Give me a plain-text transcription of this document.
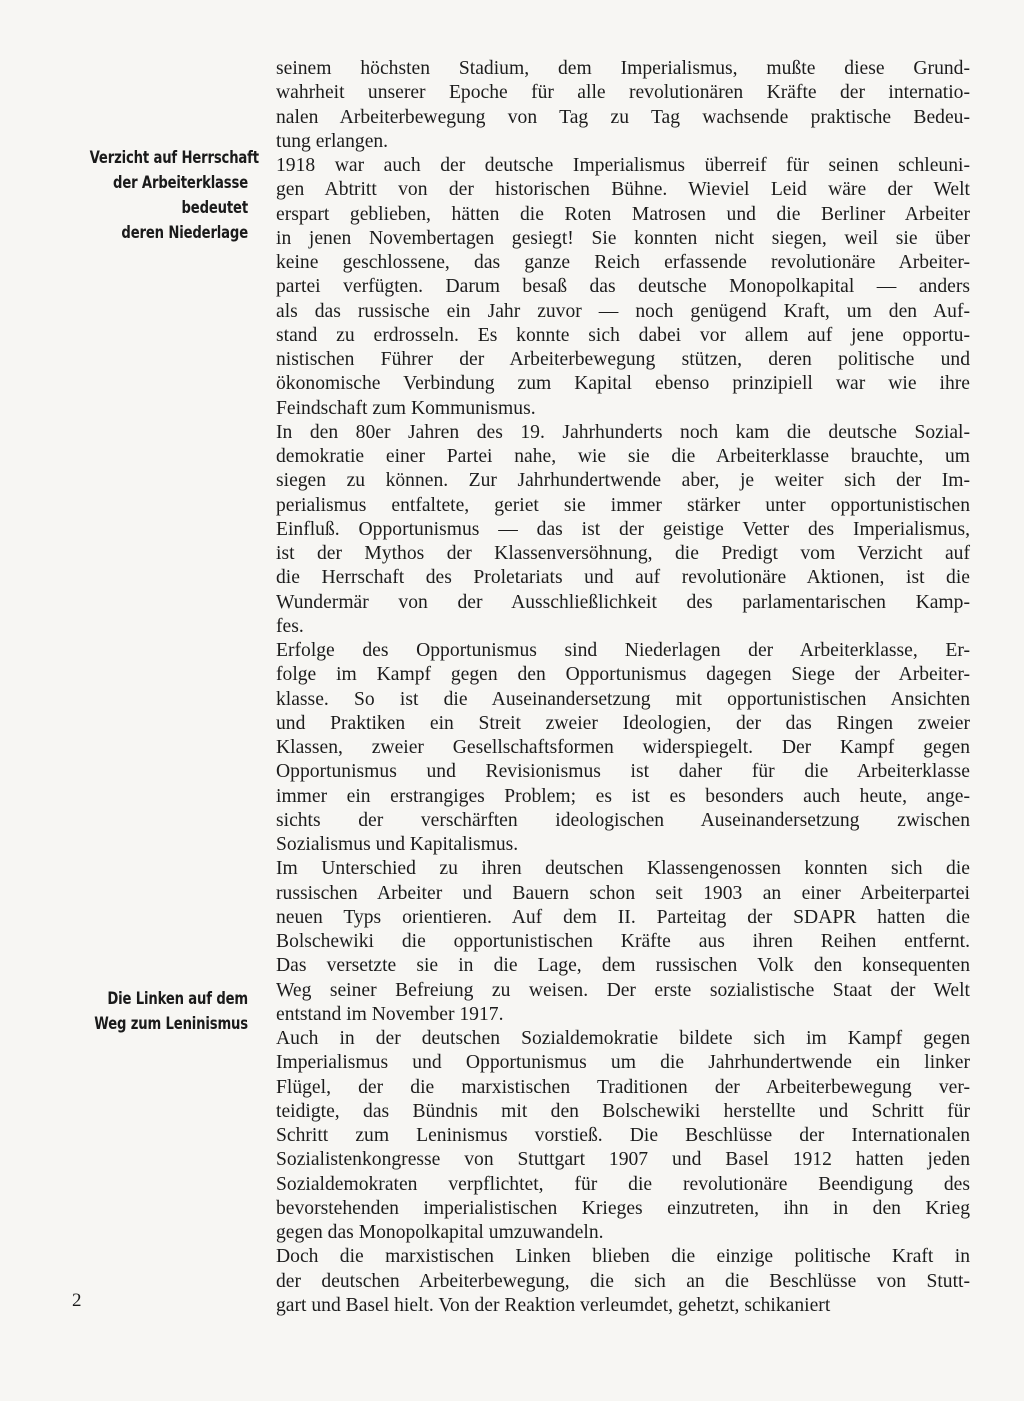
Verzicht auf Herrschaft
der Arbeiterklasse
bedeutet
deren Niederlage
Die Linken auf dem
Weg zum Leninismus
seinem höchsten Stadium, dem Imperialismus, mußte diese Grund-
wahrheit unserer Epoche für alle revolutionären Kräfte der internatio-
nalen Arbeiterbewegung von Tag zu Tag wachsende praktische Bedeu-
tung erlangen.
1918 war auch der deutsche Imperialismus überreif für seinen schleuni-
gen Abtritt von der historischen Bühne. Wieviel Leid wäre der Welt
erspart geblieben, hätten die Roten Matrosen und die Berliner Arbeiter
in jenen Novembertagen gesiegt! Sie konnten nicht siegen, weil sie über
keine geschlossene, das ganze Reich erfassende revolutionäre Arbeiter-
partei verfügten. Darum besaß das deutsche Monopolkapital — anders
als das russische ein Jahr zuvor — noch genügend Kraft, um den Auf-
stand zu erdrosseln. Es konnte sich dabei vor allem auf jene opportu-
nistischen Führer der Arbeiterbewegung stützen, deren politische und
ökonomische Verbindung zum Kapital ebenso prinzipiell war wie ihre
Feindschaft zum Kommunismus.
In den 80er Jahren des 19. Jahrhunderts noch kam die deutsche Sozial-
demokratie einer Partei nahe, wie sie die Arbeiterklasse brauchte, um
siegen zu können. Zur Jahrhundertwende aber, je weiter sich der Im-
perialismus entfaltete, geriet sie immer stärker unter opportunistischen
Einfluß. Opportunismus — das ist der geistige Vetter des Imperialismus,
ist der Mythos der Klassenversöhnung, die Predigt vom Verzicht auf
die Herrschaft des Proletariats und auf revolutionäre Aktionen, ist die
Wundermär von der Ausschließlichkeit des parlamentarischen Kamp-
fes.
Erfolge des Opportunismus sind Niederlagen der Arbeiterklasse, Er-
folge im Kampf gegen den Opportunismus dagegen Siege der Arbeiter-
klasse. So ist die Auseinandersetzung mit opportunistischen Ansichten
und Praktiken ein Streit zweier Ideologien, der das Ringen zweier
Klassen, zweier Gesellschaftsformen widerspiegelt. Der Kampf gegen
Opportunismus und Revisionismus ist daher für die Arbeiterklasse
immer ein erstrangiges Problem; es ist es besonders auch heute, ange-
sichts der verschärften ideologischen Auseinandersetzung zwischen
Sozialismus und Kapitalismus.
Im Unterschied zu ihren deutschen Klassengenossen konnten sich die
russischen Arbeiter und Bauern schon seit 1903 an einer Arbeiterpartei
neuen Typs orientieren. Auf dem II. Parteitag der SDAPR hatten die
Bolschewiki die opportunistischen Kräfte aus ihren Reihen entfernt.
Das versetzte sie in die Lage, dem russischen Volk den konsequenten
Weg seiner Befreiung zu weisen. Der erste sozialistische Staat der Welt
entstand im November 1917.
Auch in der deutschen Sozialdemokratie bildete sich im Kampf gegen
Imperialismus und Opportunismus um die Jahrhundertwende ein linker
Flügel, der die marxistischen Traditionen der Arbeiterbewegung ver-
teidigte, das Bündnis mit den Bolschewiki herstellte und Schritt für
Schritt zum Leninismus vorstieß. Die Beschlüsse der Internationalen
Sozialistenkongresse von Stuttgart 1907 und Basel 1912 hatten jeden
Sozialdemokraten verpflichtet, für die revolutionäre Beendigung des
bevorstehenden imperialistischen Krieges einzutreten, ihn in den Krieg
gegen das Monopolkapital umzuwandeln.
Doch die marxistischen Linken blieben die einzige politische Kraft in
der deutschen Arbeiterbewegung, die sich an die Beschlüsse von Stutt-
gart und Basel hielt. Von der Reaktion verleumdet, gehetzt, schikaniert
2
